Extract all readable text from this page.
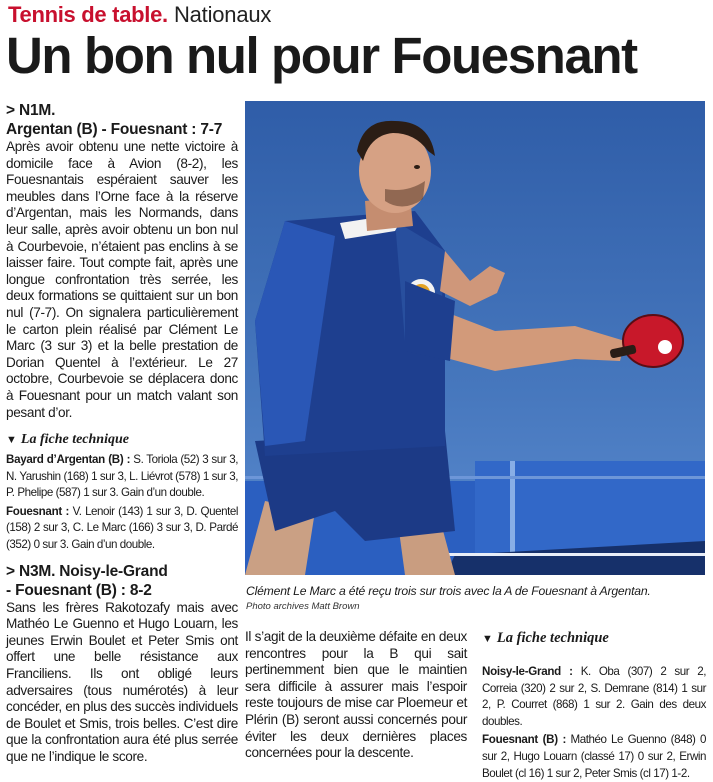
Tennis de table. Nationaux
Un bon nul pour Fouesnant
> N1M.
Argentan (B) - Fouesnant : 7-7

Après avoir obtenu une nette victoire à domicile face à Avion (8-2), les Fouesnantais espéraient sauver les meubles dans l’Orne face à la réserve d’Argentan, mais les Normands, dans leur salle, après avoir obtenu un bon nul à Courbevoie, n’étaient pas enclins à se laisser faire. Tout compte fait, après une longue confrontation très serrée, les deux formations se quittaient sur un bon nul (7-7). On signalera particulièrement le carton plein réalisé par Clément Le Marc (3 sur 3) et la belle prestation de Dorian Quentel à l’extérieur. Le 27 octobre, Courbevoie se déplacera donc à Fouesnant pour un match valant son pesant d’or.

▼ La fiche technique

Bayard d’Argentan (B) : S. Toriola (52) 3 sur 3, N. Yarushin (168) 1 sur 3, L. Liévrot (578) 1 sur 3, P. Phelipe (587) 1 sur 3. Gain d’un double.

Fouesnant : V. Lenoir (143) 1 sur 3, D. Quentel (158) 2 sur 3, C. Le Marc (166) 3 sur 3, D. Pardé (352) 0 sur 3. Gain d’un double.

> N3M. Noisy-le-Grand
- Fouesnant (B) : 8-2

Sans les frères Rakotozafy mais avec Mathéo Le Guenno et Hugo Louarn, les jeunes Erwin Boulet et Peter Smis ont offert une belle résistance aux Franciliens. Ils ont obligé leurs adversaires (tous numérotés) à leur concéder, en plus des succès individuels de Boulet et Smis, trois belles. C’est dire que la confrontation aura été plus serrée que ne l’indique le score.

Clément Le Marc a été reçu trois sur trois avec la A de Fouesnant à Argentan.
Photo archives Matt Brown

Il s’agit de la deuxième défaite en deux rencontres pour la B qui sait pertinemment bien que le maintien sera difficile à assurer mais l’espoir reste toujours de mise car Ploemeur et Plérin (B) seront aussi concernés pour éviter les deux dernières places concernées pour la descente.

▼ La fiche technique

Noisy-le-Grand : K. Oba (307) 2 sur 2, Correia (320) 2 sur 2, S. Demrane (814) 1 sur 2, P. Courret (868) 1 sur 2. Gain des deux doubles.

Fouesnant (B) : Mathéo Le Guenno (848) 0 sur 2, Hugo Louarn (classé 17) 0 sur 2, Erwin Boulet (cl 16) 1 sur 2, Peter Smis (cl 17) 1-2.
